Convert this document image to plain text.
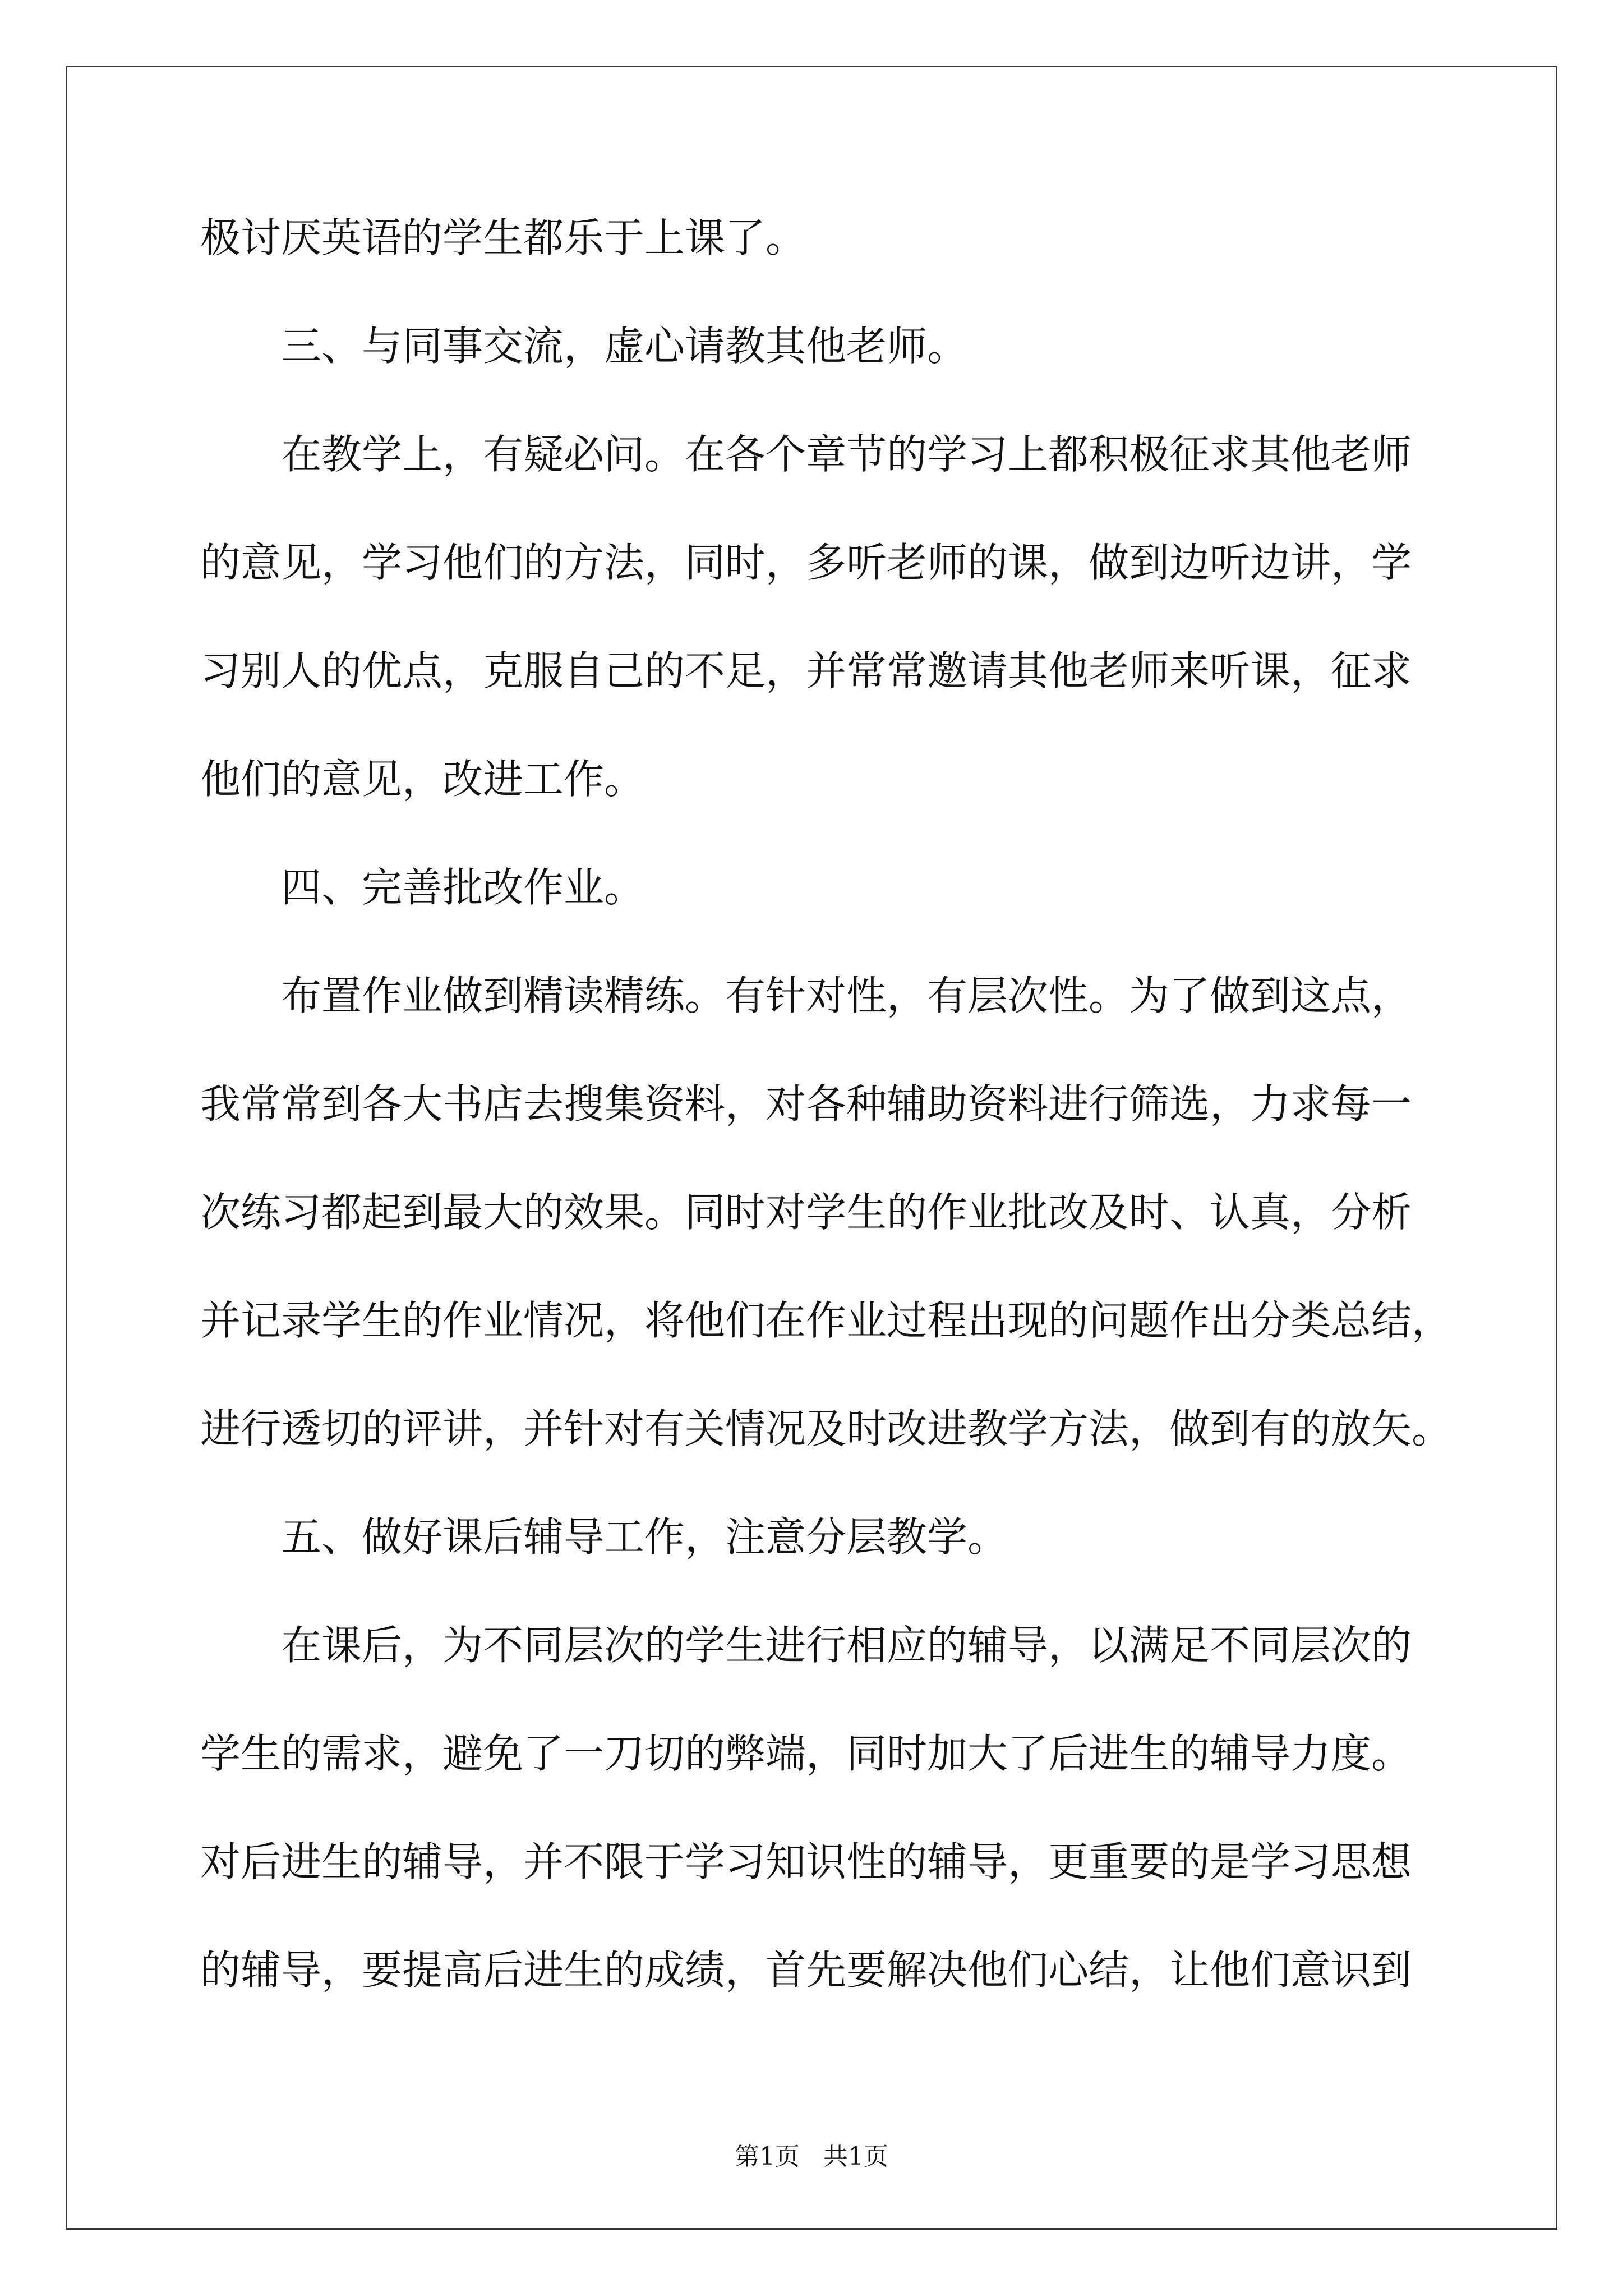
极讨厌英语的学生都乐于上课了。
三、与同事交流，虚心请教其他老师。
在教学上，有疑必问。在各个章节的学习上都积极征求其他老师
的意见，学习他们的方法，同时，多听老师的课，做到边听边讲，学
习别人的优点，克服自己的不足，并常常邀请其他老师来听课，征求
他们的意见，改进工作。
四、完善批改作业。
布置作业做到精读精练。有针对性，有层次性。为了做到这点，
我常常到各大书店去搜集资料，对各种辅助资料进行筛选，力求每一
次练习都起到最大的效果。同时对学生的作业批改及时、认真，分析
并记录学生的作业情况，将他们在作业过程出现的问题作出分类总结，
进行透切的评讲，并针对有关情况及时改进教学方法，做到有的放矢。
五、做好课后辅导工作，注意分层教学。
在课后，为不同层次的学生进行相应的辅导，以满足不同层次的
学生的需求，避免了一刀切的弊端，同时加大了后进生的辅导力度。
对后进生的辅导，并不限于学习知识性的辅导，更重要的是学习思想
的辅导，要提高后进生的成绩，首先要解决他们心结，让他们意识到
第1页 共1页
